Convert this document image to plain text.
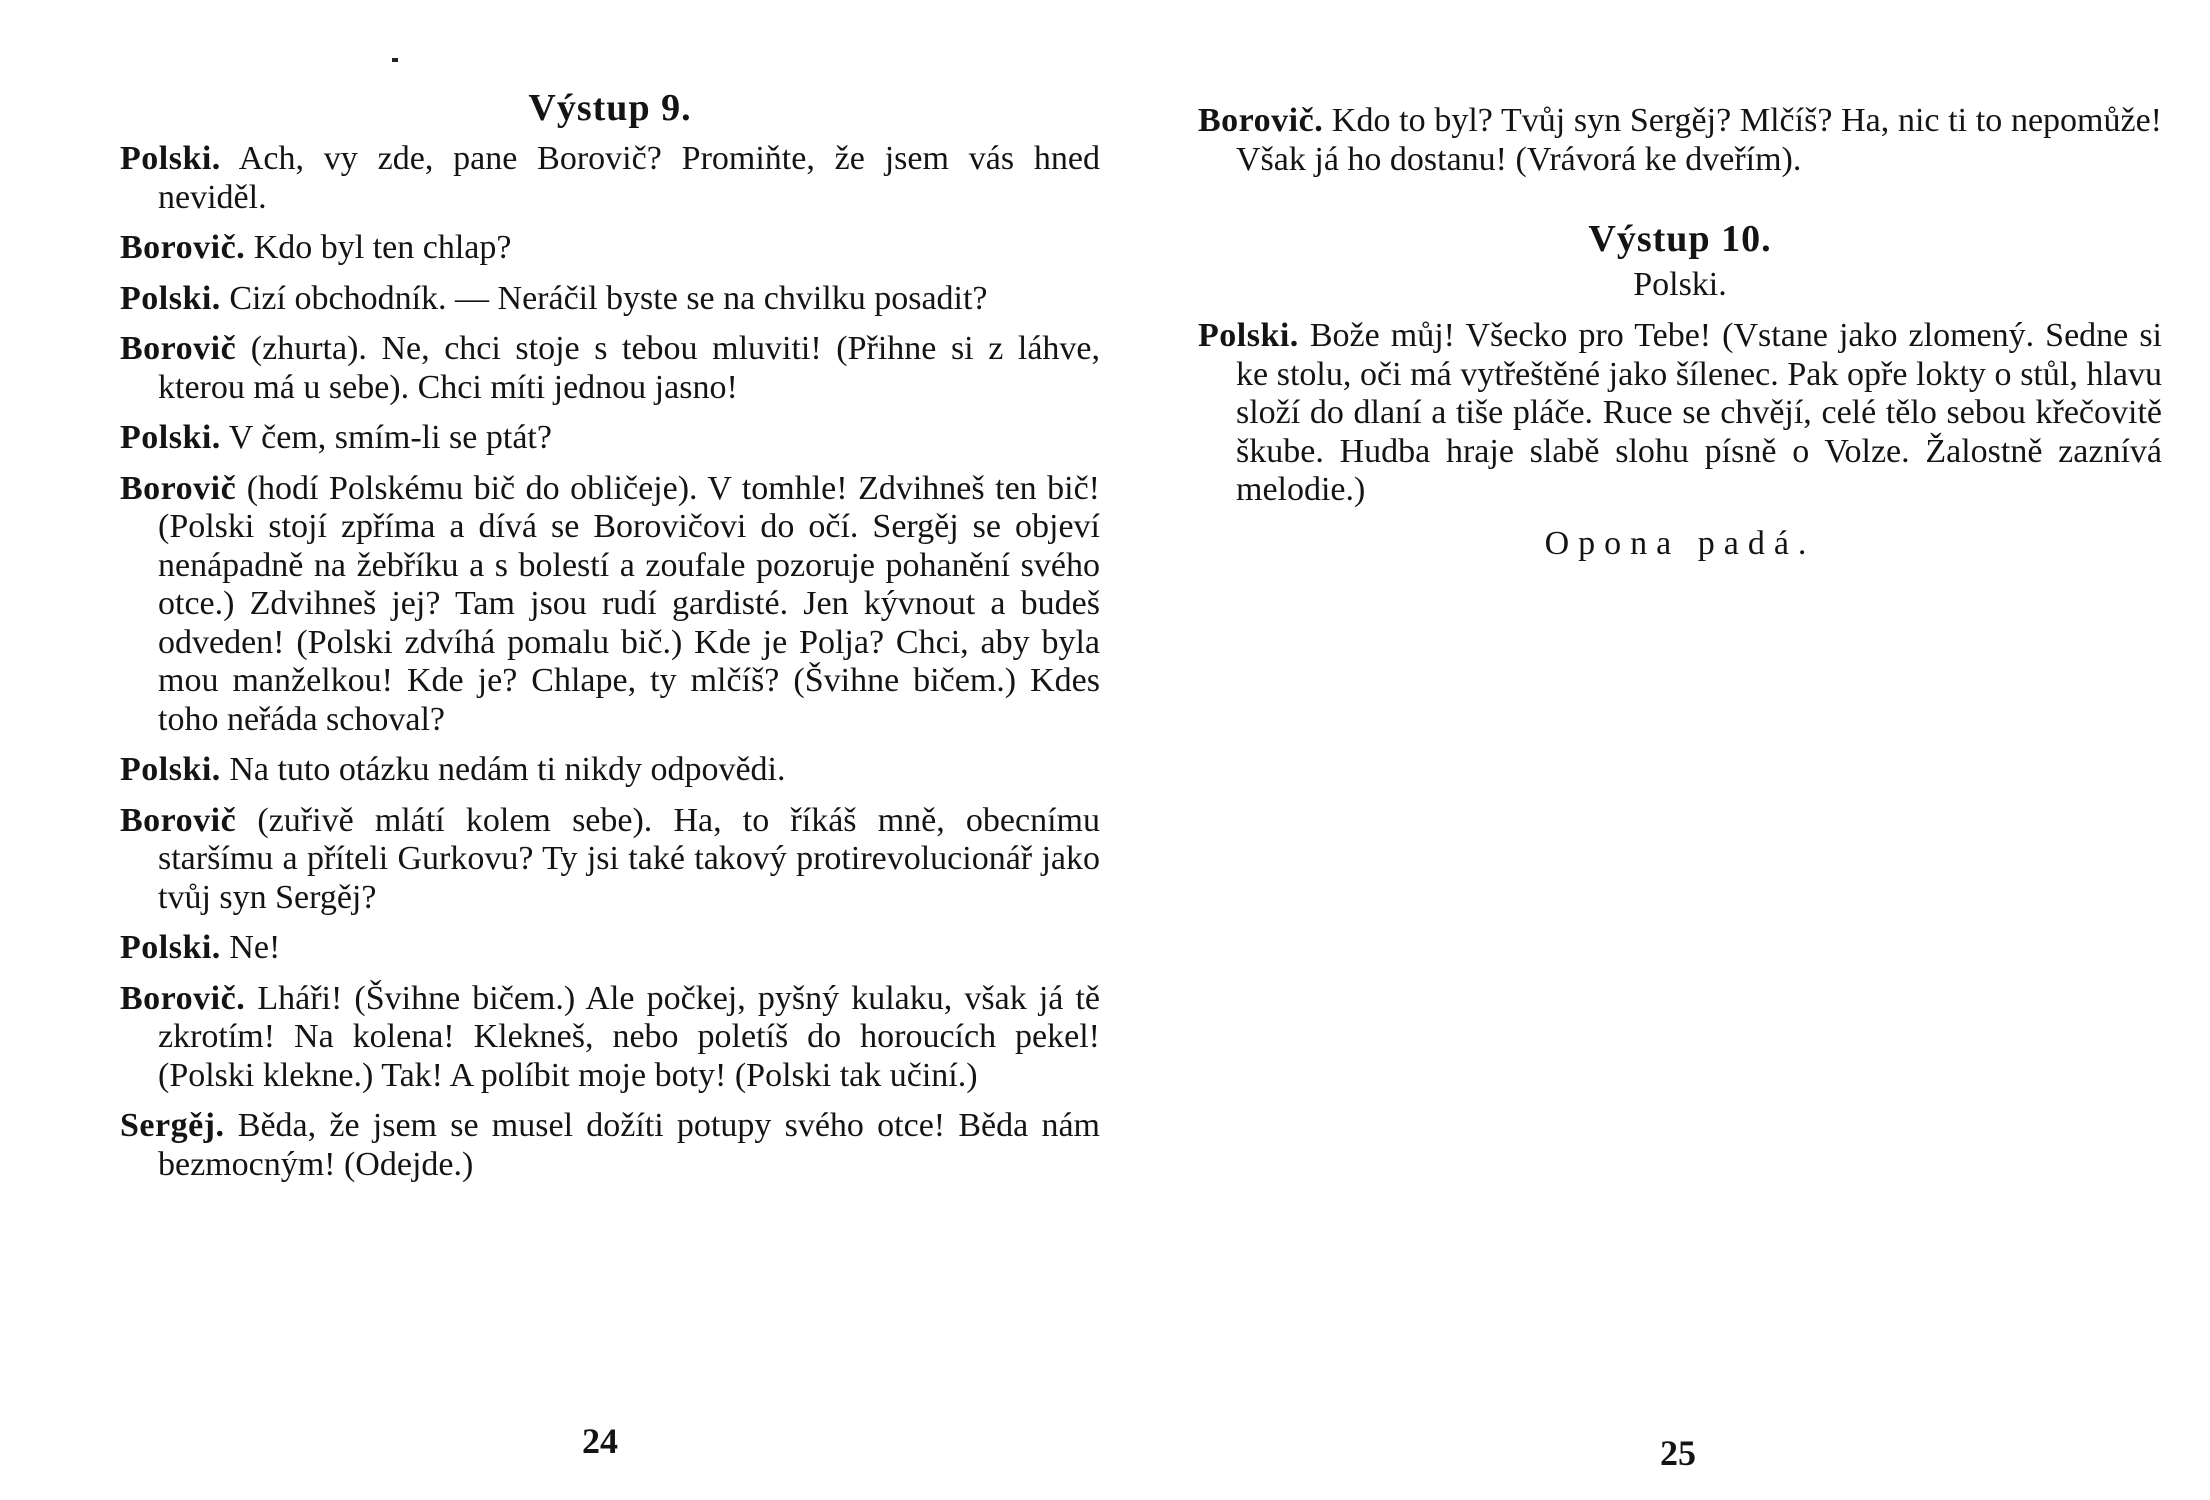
Výstup 9.

Polski. Ach, vy zde, pane Borovič? Promiňte, že jsem vás hned neviděl.

Borovič. Kdo byl ten chlap?

Polski. Cizí obchodník. — Neráčil byste se na chvilku posadit?

Borovič (zhurta). Ne, chci stoje s tebou mluviti! (Přihne si z láhve, kterou má u sebe). Chci míti jednou jasno!

Polski. V čem, smím-li se ptát?

Borovič (hodí Polskému bič do obličeje). V tomhle! Zdvihneš ten bič! (Polski stojí zpříma a dívá se Borovičovi do očí. Sergěj se objeví nenápadně na žebříku a s bolestí a zoufale pozoruje pohanění svého otce.) Zdvihneš jej? Tam jsou rudí gardisté. Jen kývnout a budeš odveden! (Polski zdvíhá pomalu bič.) Kde je Polja? Chci, aby byla mou manželkou! Kde je? Chlape, ty mlčíš? (Švihne bičem.) Kdes toho neřáda schoval?

Polski. Na tuto otázku nedám ti nikdy odpovědi.

Borovič (zuřivě mlátí kolem sebe). Ha, to říkáš mně, obecnímu staršímu a příteli Gurkovu? Ty jsi také takový protirevolucionář jako tvůj syn Sergěj?

Polski. Ne!

Borovič. Lháři! (Švihne bičem.) Ale počkej, pyšný kulaku, však já tě zkrotím! Na kolena! Klekneš, nebo poletíš do horoucích pekel! (Polski klekne.) Tak! A políbit moje boty! (Polski tak učiní.)

Sergěj. Běda, že jsem se musel dožíti potupy svého otce! Běda nám bezmocným! (Odejde.)

24

Borovič. Kdo to byl? Tvůj syn Sergěj? Mlčíš? Ha, nic ti to nepomůže! Však já ho dostanu! (Vrávorá ke dveřím).

Výstup 10.
Polski.

Polski. Bože můj! Všecko pro Tebe! (Vstane jako zlomený. Sedne si ke stolu, oči má vytřeštěné jako šílenec. Pak opře lokty o stůl, hlavu složí do dlaní a tiše pláče. Ruce se chvějí, celé tělo sebou křečovitě škube. Hudba hraje slabě slohu písně o Volze. Žalostně zaznívá melodie.)

Opona padá.
25
